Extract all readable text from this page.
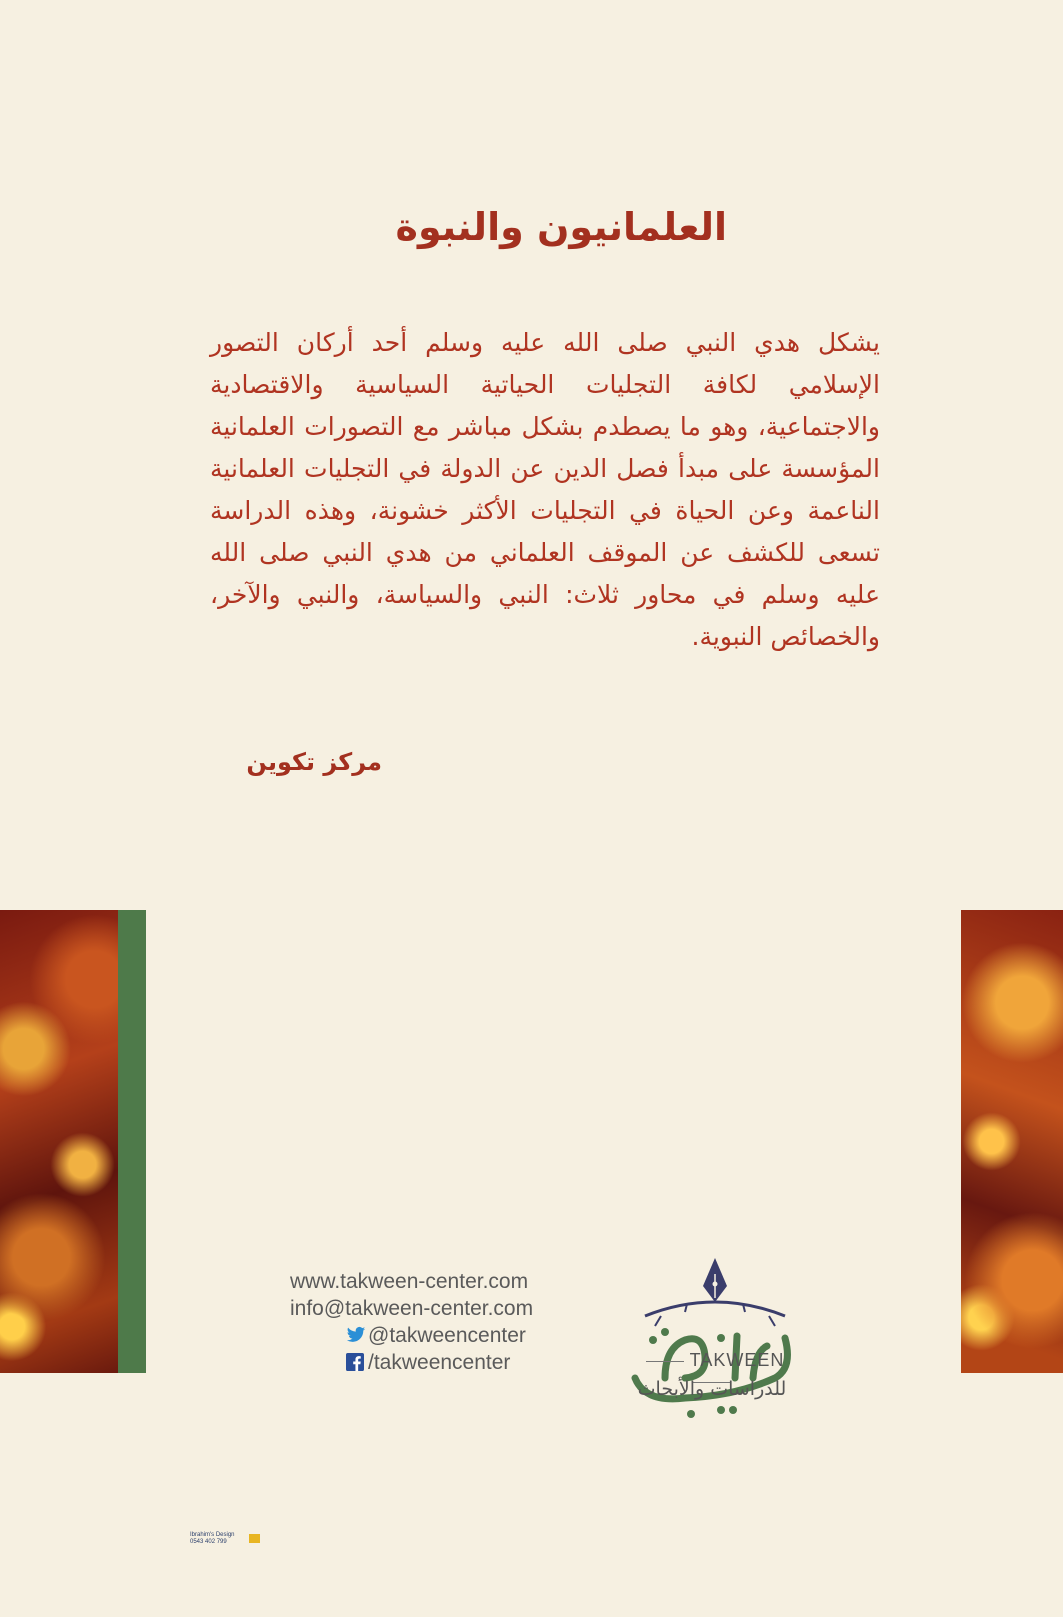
العلمانيون والنبوة
يشكل هدي النبي صلى الله عليه وسلم أحد أركان التصور الإسلامي لكافة التجليات الحياتية السياسية والاقتصادية والاجتماعية، وهو ما يصطدم بشكل مباشر مع التصورات العلمانية المؤسسة على مبدأ فصل الدين عن الدولة في التجليات العلمانية الناعمة وعن الحياة في التجليات الأكثر خشونة، وهذه الدراسة تسعى للكشف عن الموقف العلماني من هدي النبي صلى الله عليه وسلم في محاور ثلاث: النبي والسياسة، والنبي والآخر، والخصائص النبوية.
مركز تكوين
www.takween-center.com
info@takween-center.com
@takweencenter
/takweencenter	TAKWEEN
للدراسات والأبحاث
Ibrahim's Design
0543 402 799
